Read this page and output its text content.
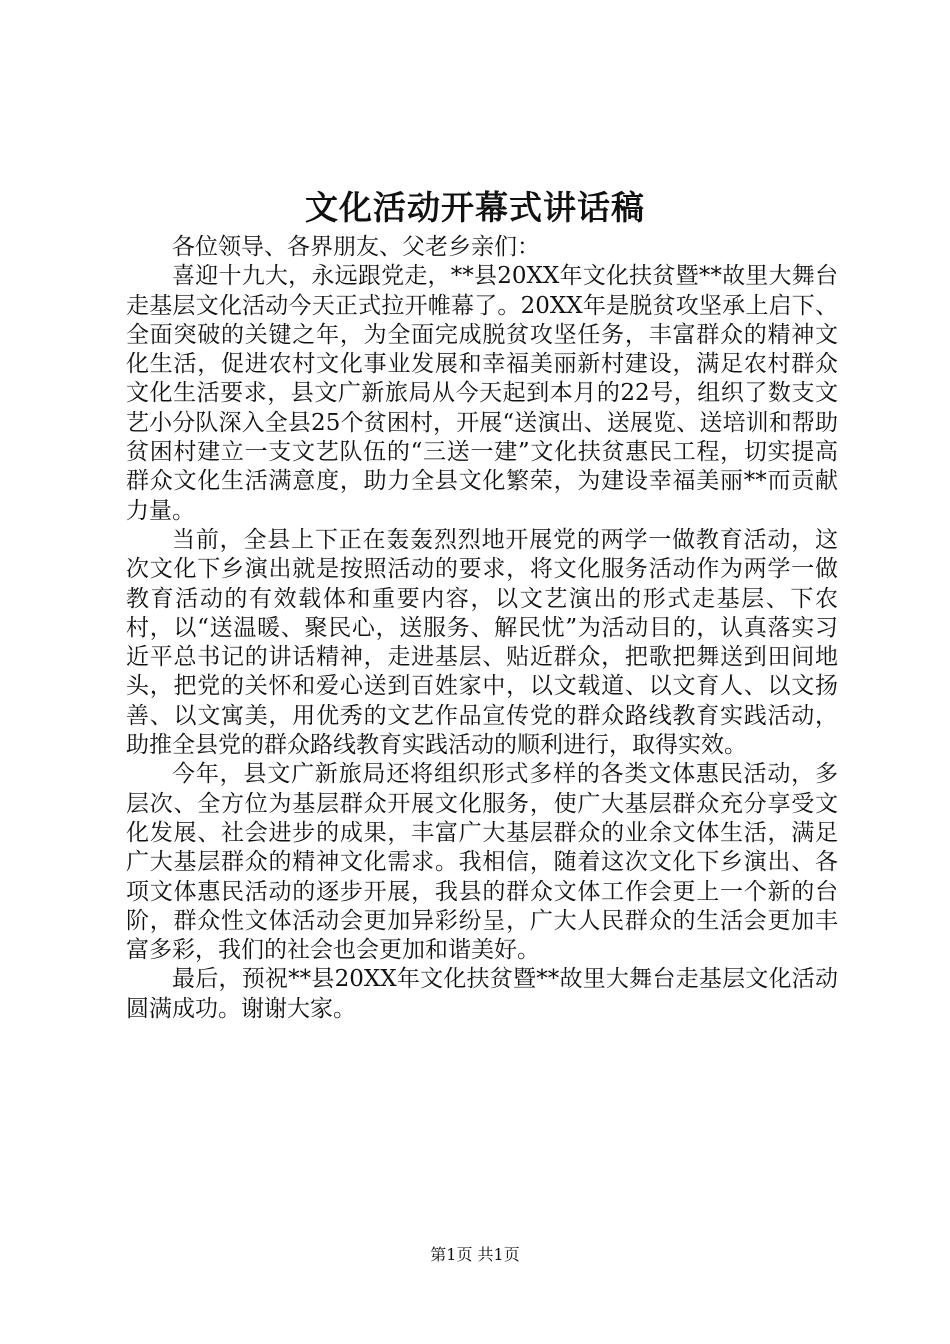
文化活动开幕式讲话稿

各位领导、各界朋友、父老乡亲们：

喜迎十九大，永远跟党走，**县20XX年文化扶贫暨**故里大舞台走基层文化活动今天正式拉开帷幕了。20XX年是脱贫攻坚承上启下、全面突破的关键之年，为全面完成脱贫攻坚任务，丰富群众的精神文化生活，促进农村文化事业发展和幸福美丽新村建设，满足农村群众文化生活要求，县文广新旅局从今天起到本月的22号，组织了数支文艺小分队深入全县25个贫困村，开展“送演出、送展览、送培训和帮助贫困村建立一支文艺队伍的“三送一建”文化扶贫惠民工程，切实提高群众文化生活满意度，助力全县文化繁荣，为建设幸福美丽**而贡献力量。

当前，全县上下正在轰轰烈烈地开展党的两学一做教育活动，这次文化下乡演出就是按照活动的要求，将文化服务活动作为两学一做教育活动的有效载体和重要内容，以文艺演出的形式走基层、下农村，以“送温暖、聚民心，送服务、解民忧”为活动目的，认真落实习近平总书记的讲话精神，走进基层、贴近群众，把歌把舞送到田间地头，把党的关怀和爱心送到百姓家中，以文载道、以文育人、以文扬善、以文寓美，用优秀的文艺作品宣传党的群众路线教育实践活动，助推全县党的群众路线教育实践活动的顺利进行，取得实效。

今年，县文广新旅局还将组织形式多样的各类文体惠民活动，多层次、全方位为基层群众开展文化服务，使广大基层群众充分享受文化发展、社会进步的成果，丰富广大基层群众的业余文体生活，满足广大基层群众的精神文化需求。我相信，随着这次文化下乡演出、各项文体惠民活动的逐步开展，我县的群众文体工作会更上一个新的台阶，群众性文体活动会更加异彩纷呈，广大人民群众的生活会更加丰富多彩，我们的社会也会更加和谐美好。

最后，预祝**县20XX年文化扶贫暨**故里大舞台走基层文化活动圆满成功。谢谢大家。

第1页 共1页
